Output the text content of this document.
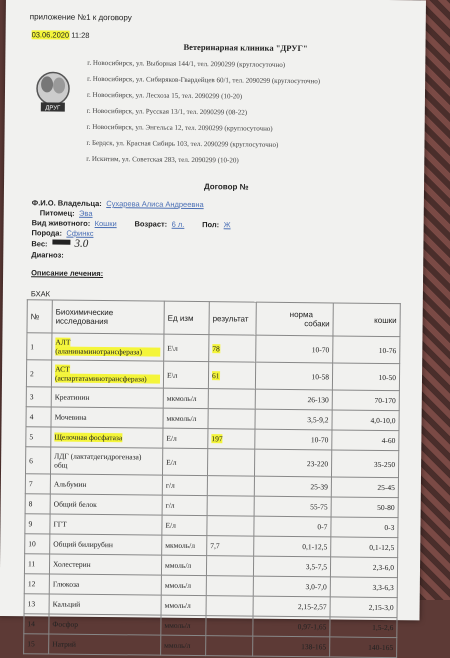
приложение №1 к договору
03.06.2020 11:28
ДРУГ
Ветеринарная клиника "ДРУГ"
г. Новосибирск, ул. Выборная 144/1, тел. 2090299 (круглосуточно)
г. Новосибирск, ул. Сибиряков-Гвардейцев 60/1, тел. 2090299 (круглосуточно)
г. Новосибирск, ул. Лесхоза 15, тел. 2090299 (10-20)
г. Новосибирск, ул. Русская 13/1, тел. 2090299 (08-22)
г. Новосибирск, ул. Энгельса 12, тел. 2090299 (круглосуточно)
г. Бердск, ул. Красная Сибирь 103, тел. 2090299 (круглосуточно)
г. Искитим, ул. Советская 283, тел. 2090299 (10-20)
Договор №
Ф.И.О. Владельца: Сухарева Алиса Андреевна
Питомец: Эва
Вид животного: Кошки Возраст: 6 л. Пол: Ж
Порода: Сфинкс
Вес: 3.0
Диагноз:
Описание лечения:
БХАК
№	Биохимические исследования	Ед изм	результат	норма
собаки	кошки
1	АЛТ
(аланинаминотрансфераза)	Е\л	78	10-70	10-76
2	АСТ
(аспартатаминотрансфераза)	Е\л	61	10-58	10-50
3	Креатинин	мкмоль/л		26-130	70-170
4	Мочевина	мкмоль/л		3,5-9,2	4,0-10,0
5	Щелочная фосфатаза	Е/л	197	10-70	4-60
6	ЛДГ (лактатдегидрогеназа)
общ	Е/л		23-220	35-250
7	Альбумин	г/л		25-39	25-45
8	Общий белок	г/л		55-75	50-80
9	ГГТ	Е/л		0-7	0-3
10	Общий билирубин	мкмоль/л	7,7	0,1-12,5	0,1-12,5
11	Холестерин	ммоль/л		3,5-7,5	2,3-6,0
12	Глюкоза	ммоль/л		3,0-7,0	3,3-6,3
13	Кальций	ммоль/л		2,15-2,57	2,15-3,0
14	Фосфор	ммоль/л		0,97-1,65	1,5-2,6
15	Натрий	ммоль/л		138-165	140-165
